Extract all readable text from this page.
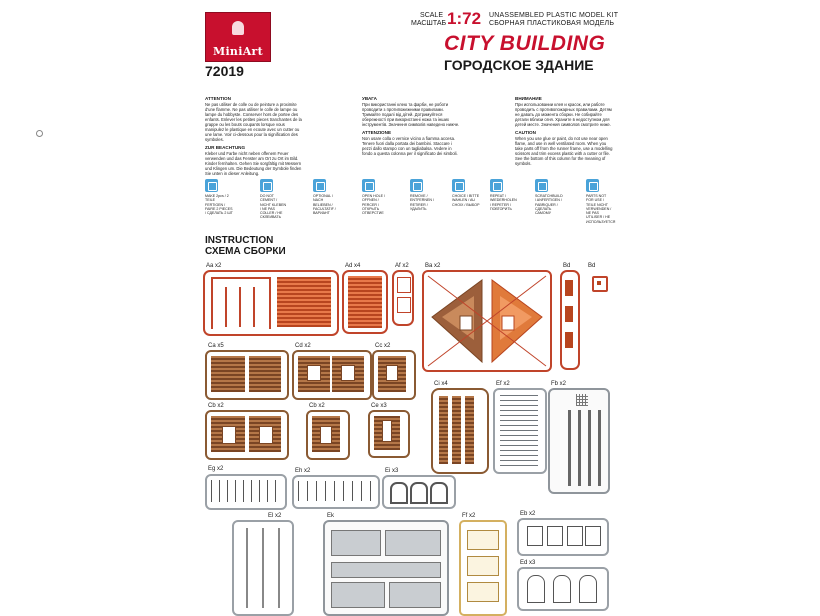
MiniArt
72019
SCALE
МАСШТАБ 1:72 UNASSEMBLED PLASTIC MODEL KIT
СБОРНАЯ ПЛАСТИКОВАЯ МОДЕЛЬ
CITY BUILDING
ГОРОДСКОЕ ЗДАНИЕ
ATTENTION

Ne pas utiliser de colle ou de peinture a proximite d'une flamme. Ne pas utiliser le colle de lampe ou lampe du hobbyste. Conserver hors de portee des enfants. Enlever les petites pieces tranchantes de la grappe ou les bouts coupants lorsque vous manipulez le plastique en ecoute avec un cutter ou une lame. Voir ci-dessous pour la signification des symboles.

ZUR BEACHTUNG

Kleber und Farbe nicht neben offenem Feuer verwenden und das Fenster am Ort zu Ort im Bild. Kinder fernhalten. Gehen Sie sorgfältig mit Messern und Klingen um. Die Bedeutung der Symbole finden Sie unten in dieser Anleitung.

УВАГА

При використанні клею та фарби, не роботи проводити з протипожежними правилами. Тримайте подалі від дітей. Дотримуйтеся обережності при використанні ножа та інших інструментів. Значення символів наведено нижче.

ATTENZIONE

Non usare colla o vernice vicino a fiamma accesa. Tenere fuori dalla portata dei bambini. Staccare i pezzi dallo stampo con un tagliabalsa. Vedere in fondo a questa colonna per il significato dei simboli.

ВНИМАНИЕ

При использовании клея и красок, или работе проводить с противопожарных правилами. Детям не давать до момента сборки. Не собирайте детали вблизи огня. Храните в недоступном для детей месте. Значения символов смотрите ниже.

CAUTION

When you use glue or paint, do not use near open flame, and use in well ventilated room. When you take parts off from the runner frame, use a modelling scissors and trim excess plastic with a cutter or file. See the bottom of this column for the meaning of symbols.

MAKE 2pcs / 2 TEILE FERTIGEN / FAIRE 2 PIECES / СДЕЛАТЬ 2 ШТ
DO NOT CEMENT / NICHT KLEBEN / NE PAS COLLER / НЕ СКЛЕИВАТЬ
OPTIONAL / NACH BELIEBEN / FACULTATIF / ВАРИАНТ
OPEN HOLE / OFFNEN / PERCER / ОТКРЫТЬ ОТВЕРСТИЕ
REMOVE / ENTFERNEN / RETIRER / УДАЛИТЬ
CHOICE / BITTE WAHLEN / AU CHOIX / ВЫБОР
REPEAT / WIEDERHOLEN / REPETER / ПОВТОРИТЬ
SCRATCHBUILD / ANFERTIGEN / FABRIQUER / СДЕЛАТЬ САМОМУ
PARTS NOT FOR USE / TEILE NICHT VERWENDEN / NE PAS UTILISER / НЕ ИСПОЛЬЗУЕТСЯ
INSTRUCTION
СХЕМА СБОРКИ
Aa x2	Ad x4	Af x2	Ba x2	Bd	Bd
Ca x5	Cd x2	Cc x2
Ci x4	Ef x2	Fb x2
Cb x2	Cb x2	Ce x3
Eg x2	Eh x2	Ei x3
El x2	Ek	Ff x2	Eb x2
Ed x3
